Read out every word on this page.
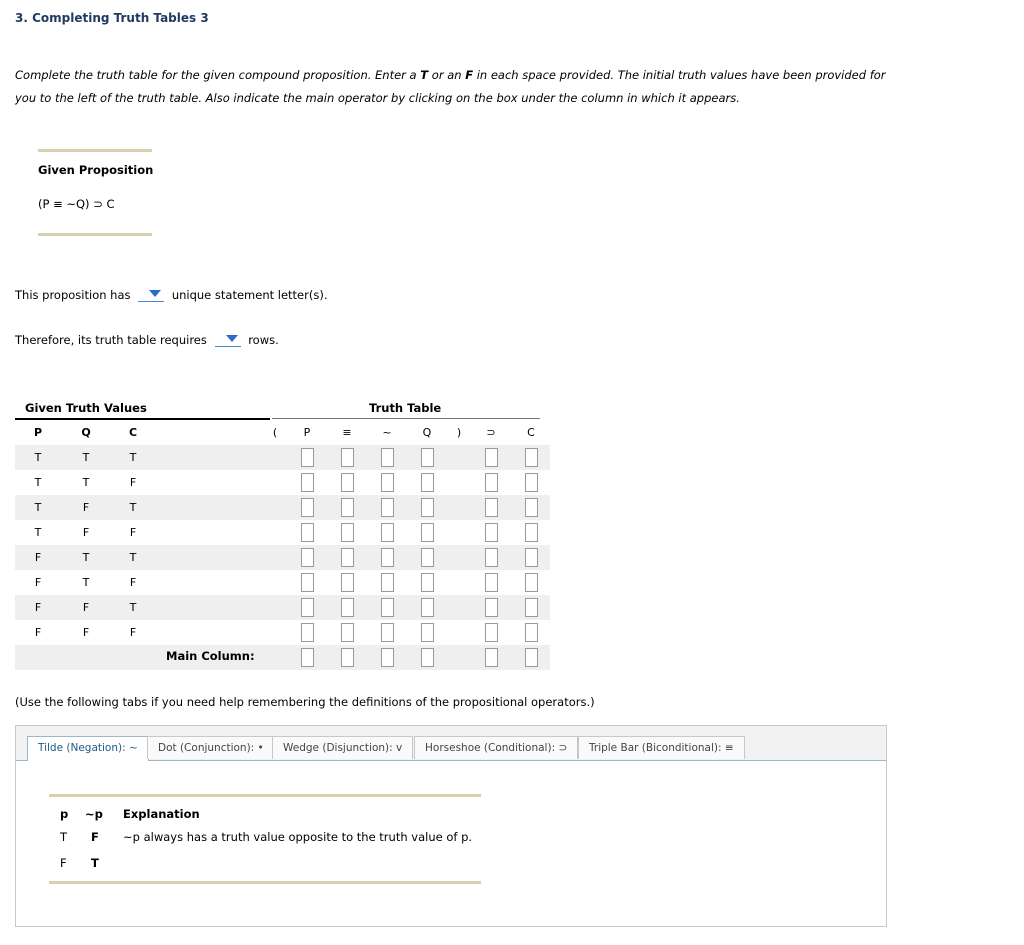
3. Completing Truth Tables 3
Complete the truth table for the given compound proposition. Enter a T or an F in each space provided. The initial truth values have been provided for you to the left of the truth table. Also indicate the main operator by clicking on the box under the column in which it appears.
Given Proposition
(P ≡ ~Q) ⊃ C
This proposition has	unique statement letter(s).
Therefore, its truth table requires	rows.
Given Truth Values	Truth Table
P	Q	C	(	P	≡	~	Q	)	⊃	C
T	T	T
T	T	F
T	F	T
T	F	F
F	T	T
F	T	F
F	F	T
F	F	F
Main Column:
(Use the following tabs if you need help remembering the definitions of the propositional operators.)
Tilde (Negation): ~	Dot (Conjunction): •	Wedge (Disjunction): v	Horseshoe (Conditional): ⊃	Triple Bar (Biconditional): ≡
p ~p Explanation
T F ~p always has a truth value opposite to the truth value of p.
F T
